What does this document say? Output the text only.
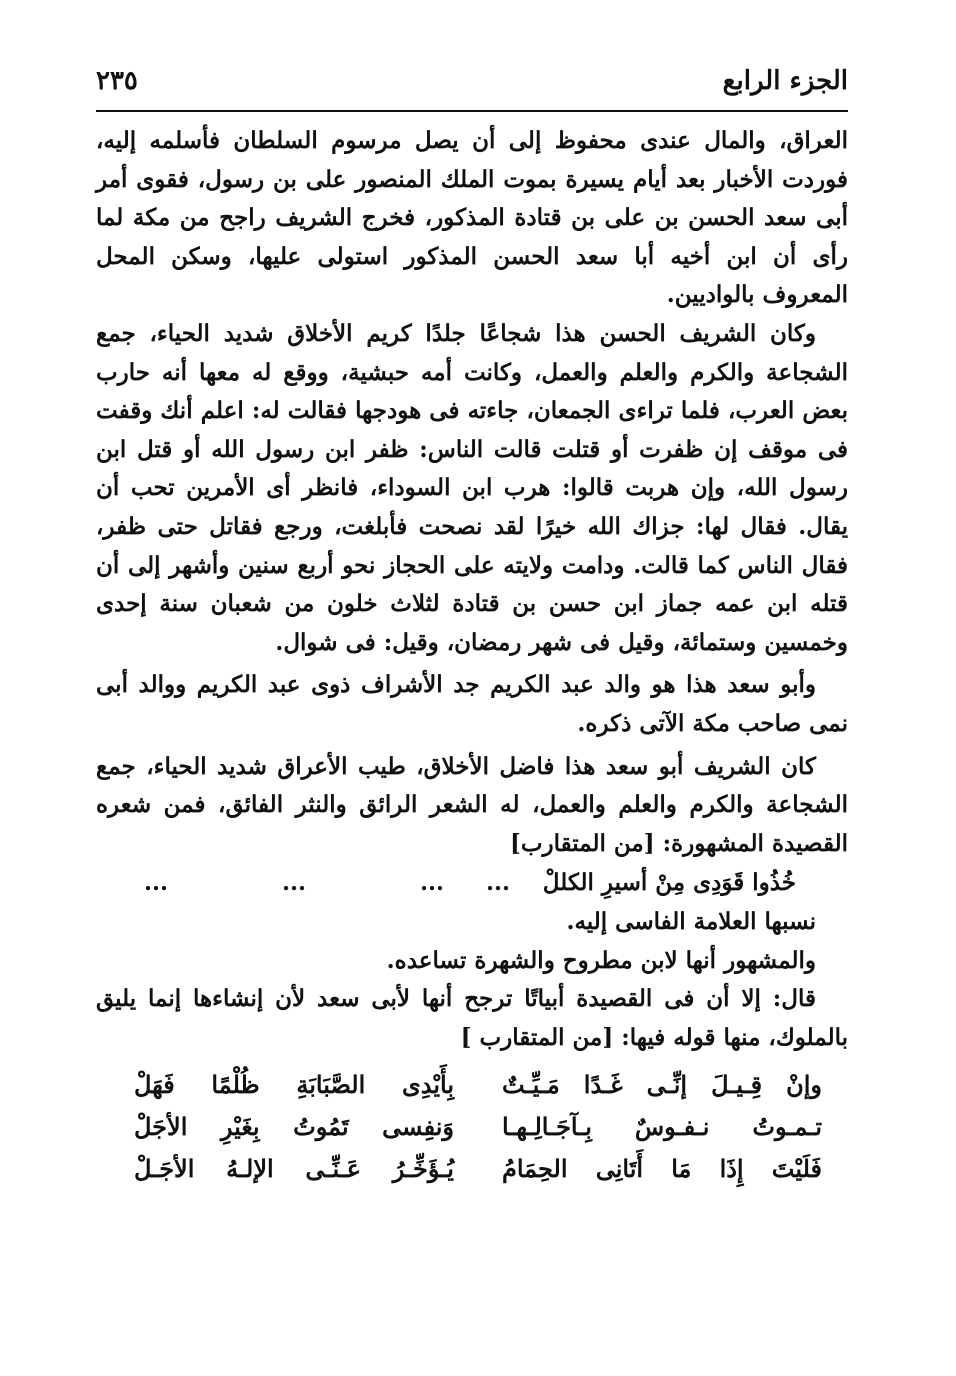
الجزء الرابع
٢٣٥

العراق، والمال عندى محفوظ إلى أن يصل مرسوم السلطان فأسلمه إليه، فوردت الأخبار بعد أيام يسيرة بموت الملك المنصور على بن رسول، فقوى أمر أبى سعد الحسن بن على بن قتادة المذكور، فخرج الشريف راجح من مكة لما رأى أن ابن أخيه أبا سعد الحسن المذكور استولى عليها، وسكن المحل المعروف بالواديين.

وكان الشريف الحسن هذا شجاعًا جلدًا كريم الأخلاق شديد الحياء، جمع الشجاعة والكرم والعلم والعمل، وكانت أمه حبشية، ووقع له معها أنه حارب بعض العرب، فلما تراءى الجمعان، جاءته فى هودجها فقالت له: اعلم أنك وقفت فى موقف إن ظفرت أو قتلت قالت الناس: ظفر ابن رسول الله أو قتل ابن رسول الله، وإن هربت قالوا: هرب ابن السوداء، فانظر أى الأمرين تحب أن يقال. فقال لها: جزاك الله خيرًا لقد نصحت فأبلغت، ورجع فقاتل حتى ظفر، فقال الناس كما قالت. ودامت ولايته على الحجاز نحو أربع سنين وأشهر إلى أن قتله ابن عمه جماز ابن حسن بن قتادة لثلاث خلون من شعبان سنة إحدى وخمسين وستمائة، وقيل فى شهر رمضان، وقيل: فى شوال.

وأبو سعد هذا هو والد عبد الكريم جد الأشراف ذوى عبد الكريم ووالد أبى نمى صاحب مكة الآتى ذكره.

كان الشريف أبو سعد هذا فاضل الأخلاق، طيب الأعراق شديد الحياء، جمع الشجاعة والكرم والعلم والعمل، له الشعر الرائق والنثر الفائق، فمن شعره القصيدة المشهورة: [من المتقارب]

خُذُوا قَوَدِى مِنْ أسيرِ الكللْ
...
...
...
...

نسبها العلامة الفاسى إليه.

والمشهور أنها لابن مطروح والشهرة تساعده.

قال: إلا أن فى القصيدة أبياتًا ترجح أنها لأبى سعد لأن إنشاءها إنما يليق بالملوك، منها قوله فيها: [من المتقارب ]

وإنْ قِـيـلَ إنِّـى غَـدًا مَـيِّـتٌ
بِأَيْدِى الصَّبَابَةِ ظُلْمًا فَهَلْ
تـمـوتُ نـفـوسٌ بِـآجَـالِـهـا
وَنفِسى تَمُوتُ بِغَيْرِ الأجَلْ
فَلَيْتَ إِذَا مَا أَتَانِى الحِمَامُ
يُـؤَخِّـرُ عَـنِّـى الإلـهُ الأجَـلْ
